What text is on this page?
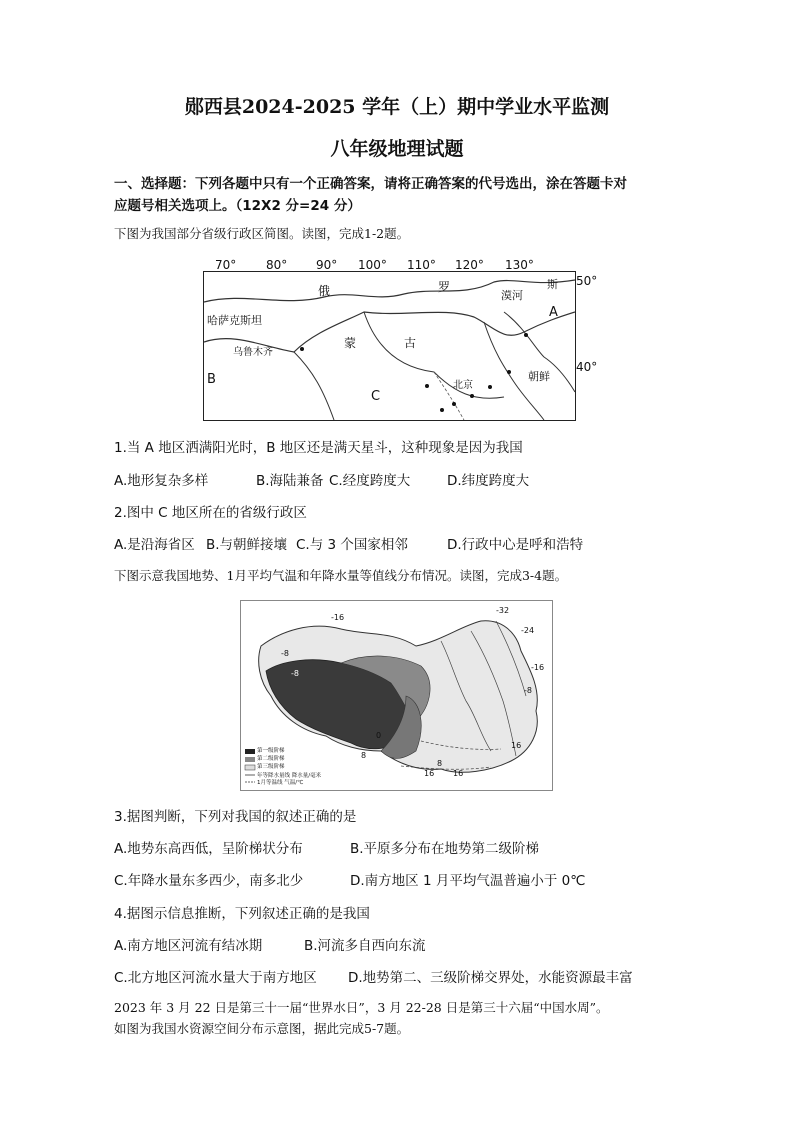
郧西县2024-2025 学年（上）期中学业水平监测
八年级地理试题
一、选择题：下列各题中只有一个正确答案，请将正确答案的代号选出，涂在答题卡对
应题号相关选项上。（12X2 分=24 分）
下图为我国部分省级行政区简图。读图，完成1-2题。
70° 80° 90° 100° 110° 120° 130°
50°
40°
俄	罗	斯
漠河
哈萨克斯坦
乌鲁木齐
蒙	古
北京
朝鲜
A
B
C
1.当 A 地区洒满阳光时，B 地区还是满天星斗，这种现象是因为我国
A.地形复杂多样	B.海陆兼备 C.经度跨度大	D.纬度跨度大
2.图中 C 地区所在的省级行政区
A.是沿海省区 B.与朝鲜接壤 C.与 3 个国家相邻	D.行政中心是呼和浩特
下图示意我国地势、1月平均气温和年降水量等值线分布情况。读图，完成3-4题。
第一级阶梯
第二级阶梯
第三级阶梯
年等降水量线 降水量/毫米
1月等温线 气温/℃
-32
-24
-16
-16
-8
-8
-8
0
8
16 16
8
16
3.据图判断，下列对我国的叙述正确的是
A.地势东高西低，呈阶梯状分布	B.平原多分布在地势第二级阶梯
C.年降水量东多西少，南多北少	D.南方地区 1 月平均气温普遍小于 0℃
4.据图示信息推断，下列叙述正确的是我国
A.南方地区河流有结冰期	B.河流多自西向东流
C.北方地区河流水量大于南方地区 D.地势第二、三级阶梯交界处，水能资源最丰富
2023 年 3 月 22 日是第三十一届“世界水日”，3 月 22-28 日是第三十六届“中国水周”。
如图为我国水资源空间分布示意图，据此完成5-7题。
